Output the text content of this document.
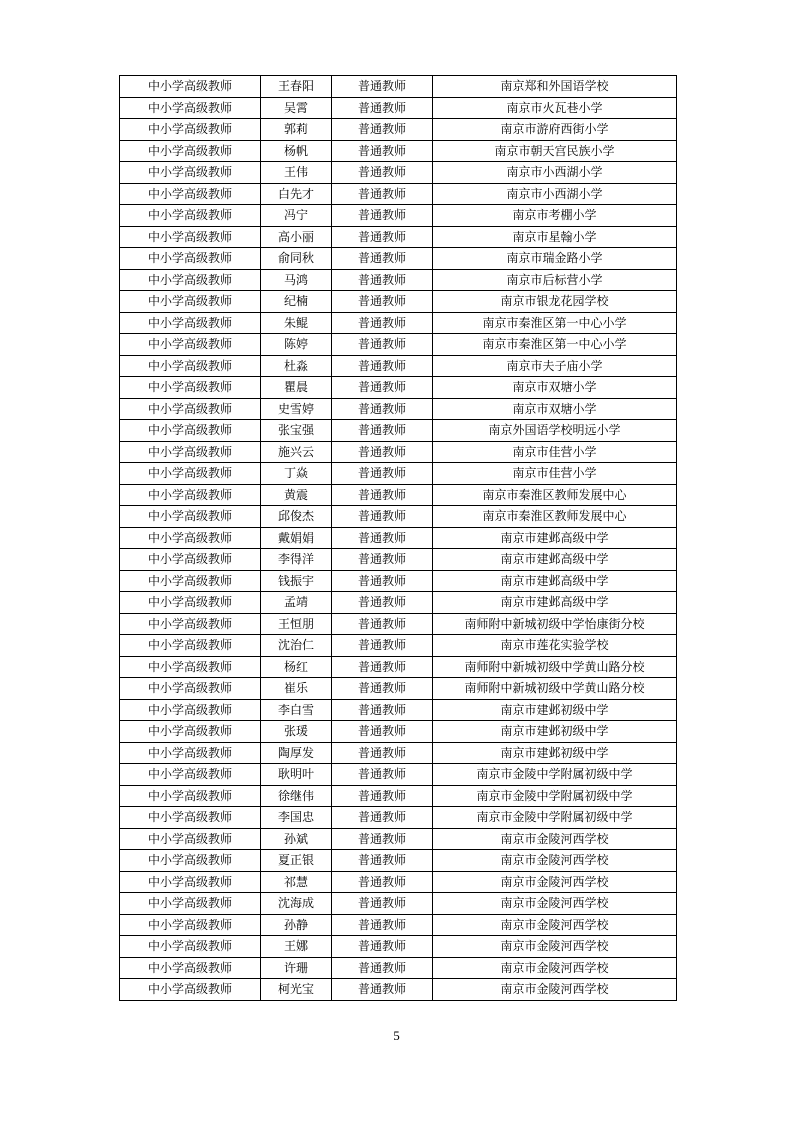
中小学高级教师	王春阳	普通教师	南京郑和外国语学校
中小学高级教师	吴霄	普通教师	南京市火瓦巷小学
中小学高级教师	郭莉	普通教师	南京市游府西街小学
中小学高级教师	杨帆	普通教师	南京市朝天宫民族小学
中小学高级教师	王伟	普通教师	南京市小西湖小学
中小学高级教师	白先才	普通教师	南京市小西湖小学
中小学高级教师	冯宁	普通教师	南京市考棚小学
中小学高级教师	高小丽	普通教师	南京市星翰小学
中小学高级教师	俞同秋	普通教师	南京市瑞金路小学
中小学高级教师	马鸿	普通教师	南京市后标营小学
中小学高级教师	纪楠	普通教师	南京市银龙花园学校
中小学高级教师	朱鲲	普通教师	南京市秦淮区第一中心小学
中小学高级教师	陈婷	普通教师	南京市秦淮区第一中心小学
中小学高级教师	杜淼	普通教师	南京市夫子庙小学
中小学高级教师	瞿晨	普通教师	南京市双塘小学
中小学高级教师	史雪婷	普通教师	南京市双塘小学
中小学高级教师	张宝强	普通教师	南京外国语学校明远小学
中小学高级教师	施兴云	普通教师	南京市佳营小学
中小学高级教师	丁焱	普通教师	南京市佳营小学
中小学高级教师	黄震	普通教师	南京市秦淮区教师发展中心
中小学高级教师	邱俊杰	普通教师	南京市秦淮区教师发展中心
中小学高级教师	戴娟娟	普通教师	南京市建邺高级中学
中小学高级教师	李得洋	普通教师	南京市建邺高级中学
中小学高级教师	钱振宇	普通教师	南京市建邺高级中学
中小学高级教师	孟靖	普通教师	南京市建邺高级中学
中小学高级教师	王恒朋	普通教师	南师附中新城初级中学怡康街分校
中小学高级教师	沈治仁	普通教师	南京市莲花实验学校
中小学高级教师	杨红	普通教师	南师附中新城初级中学黄山路分校
中小学高级教师	崔乐	普通教师	南师附中新城初级中学黄山路分校
中小学高级教师	李白雪	普通教师	南京市建邺初级中学
中小学高级教师	张瑗	普通教师	南京市建邺初级中学
中小学高级教师	陶厚发	普通教师	南京市建邺初级中学
中小学高级教师	耿明叶	普通教师	南京市金陵中学附属初级中学
中小学高级教师	徐继伟	普通教师	南京市金陵中学附属初级中学
中小学高级教师	李国忠	普通教师	南京市金陵中学附属初级中学
中小学高级教师	孙斌	普通教师	南京市金陵河西学校
中小学高级教师	夏正银	普通教师	南京市金陵河西学校
中小学高级教师	祁慧	普通教师	南京市金陵河西学校
中小学高级教师	沈海成	普通教师	南京市金陵河西学校
中小学高级教师	孙静	普通教师	南京市金陵河西学校
中小学高级教师	王娜	普通教师	南京市金陵河西学校
中小学高级教师	许珊	普通教师	南京市金陵河西学校
中小学高级教师	柯光宝	普通教师	南京市金陵河西学校
5
